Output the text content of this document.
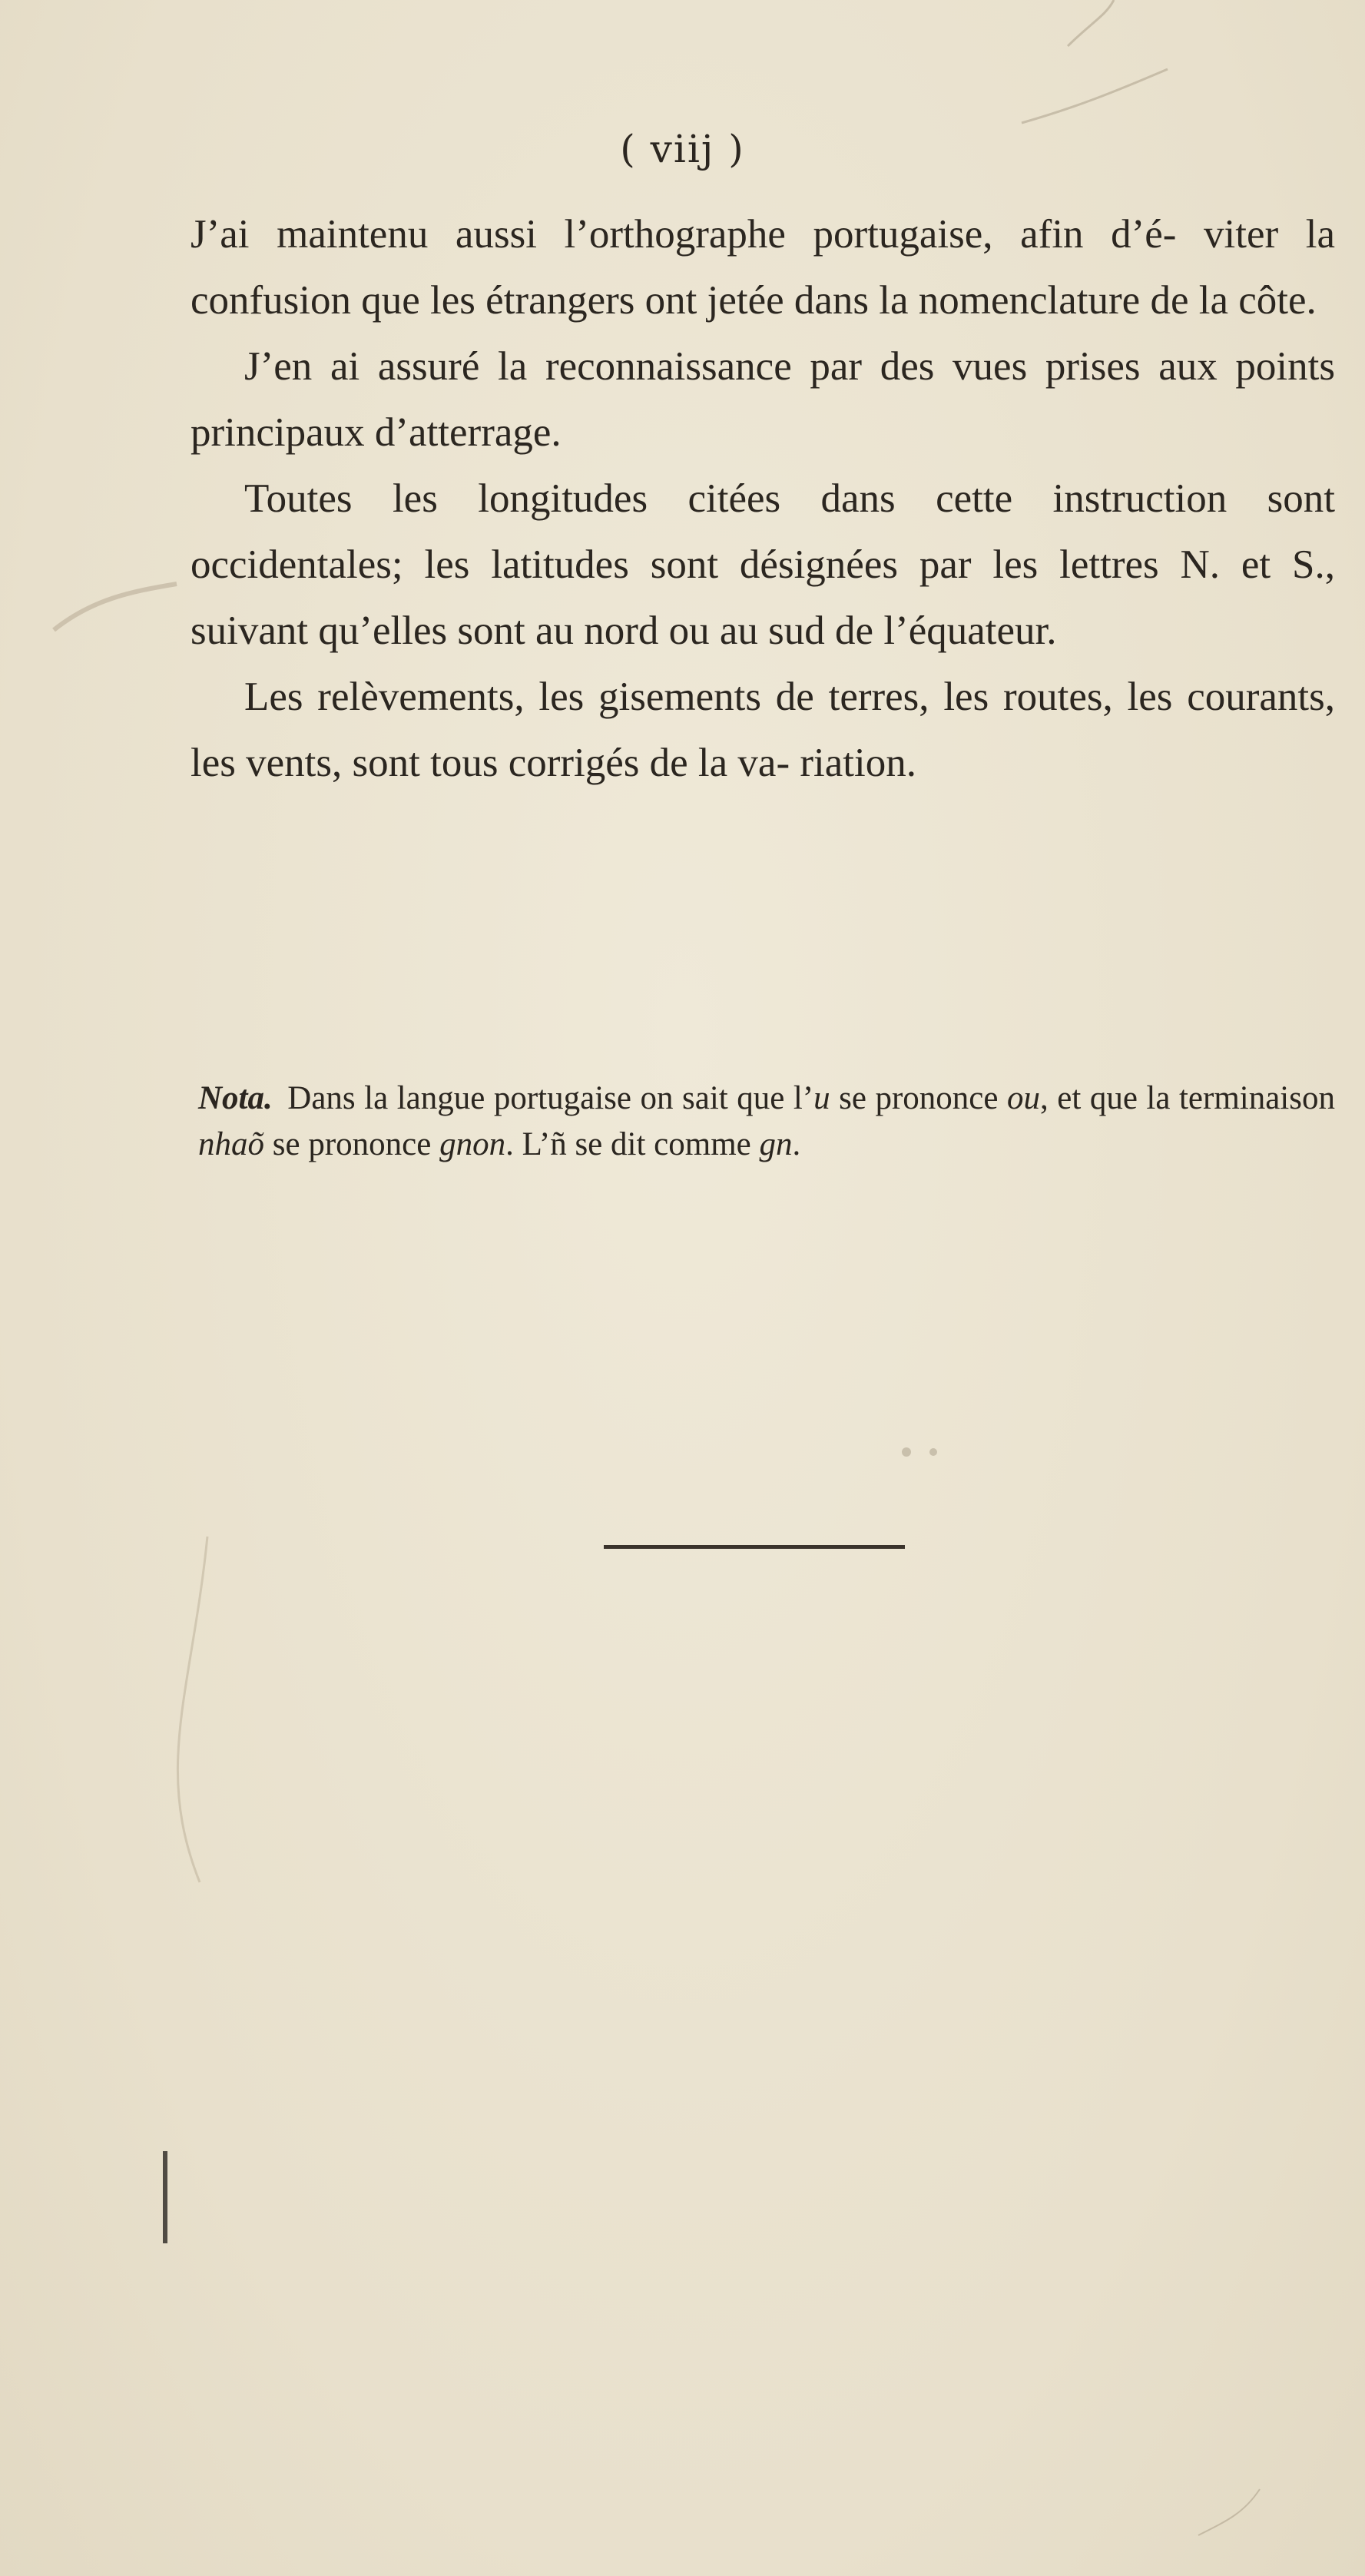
( viij )

J’ai maintenu aussi l’orthographe portugaise, afin d’é- viter la confusion que les étrangers ont jetée dans la nomenclature de la côte.

J’en ai assuré la reconnaissance par des vues prises aux points principaux d’atterrage.

Toutes les longitudes citées dans cette instruction sont occidentales; les latitudes sont désignées par les lettres N. et S., suivant qu’elles sont au nord ou au sud de l’équateur.

Les relèvements, les gisements de terres, les routes, les courants, les vents, sont tous corrigés de la va- riation.

Nota. Dans la langue portugaise on sait que l’u se prononce ou, et que la terminaison nhaõ se prononce gnon. L’ñ se dit comme gn.
